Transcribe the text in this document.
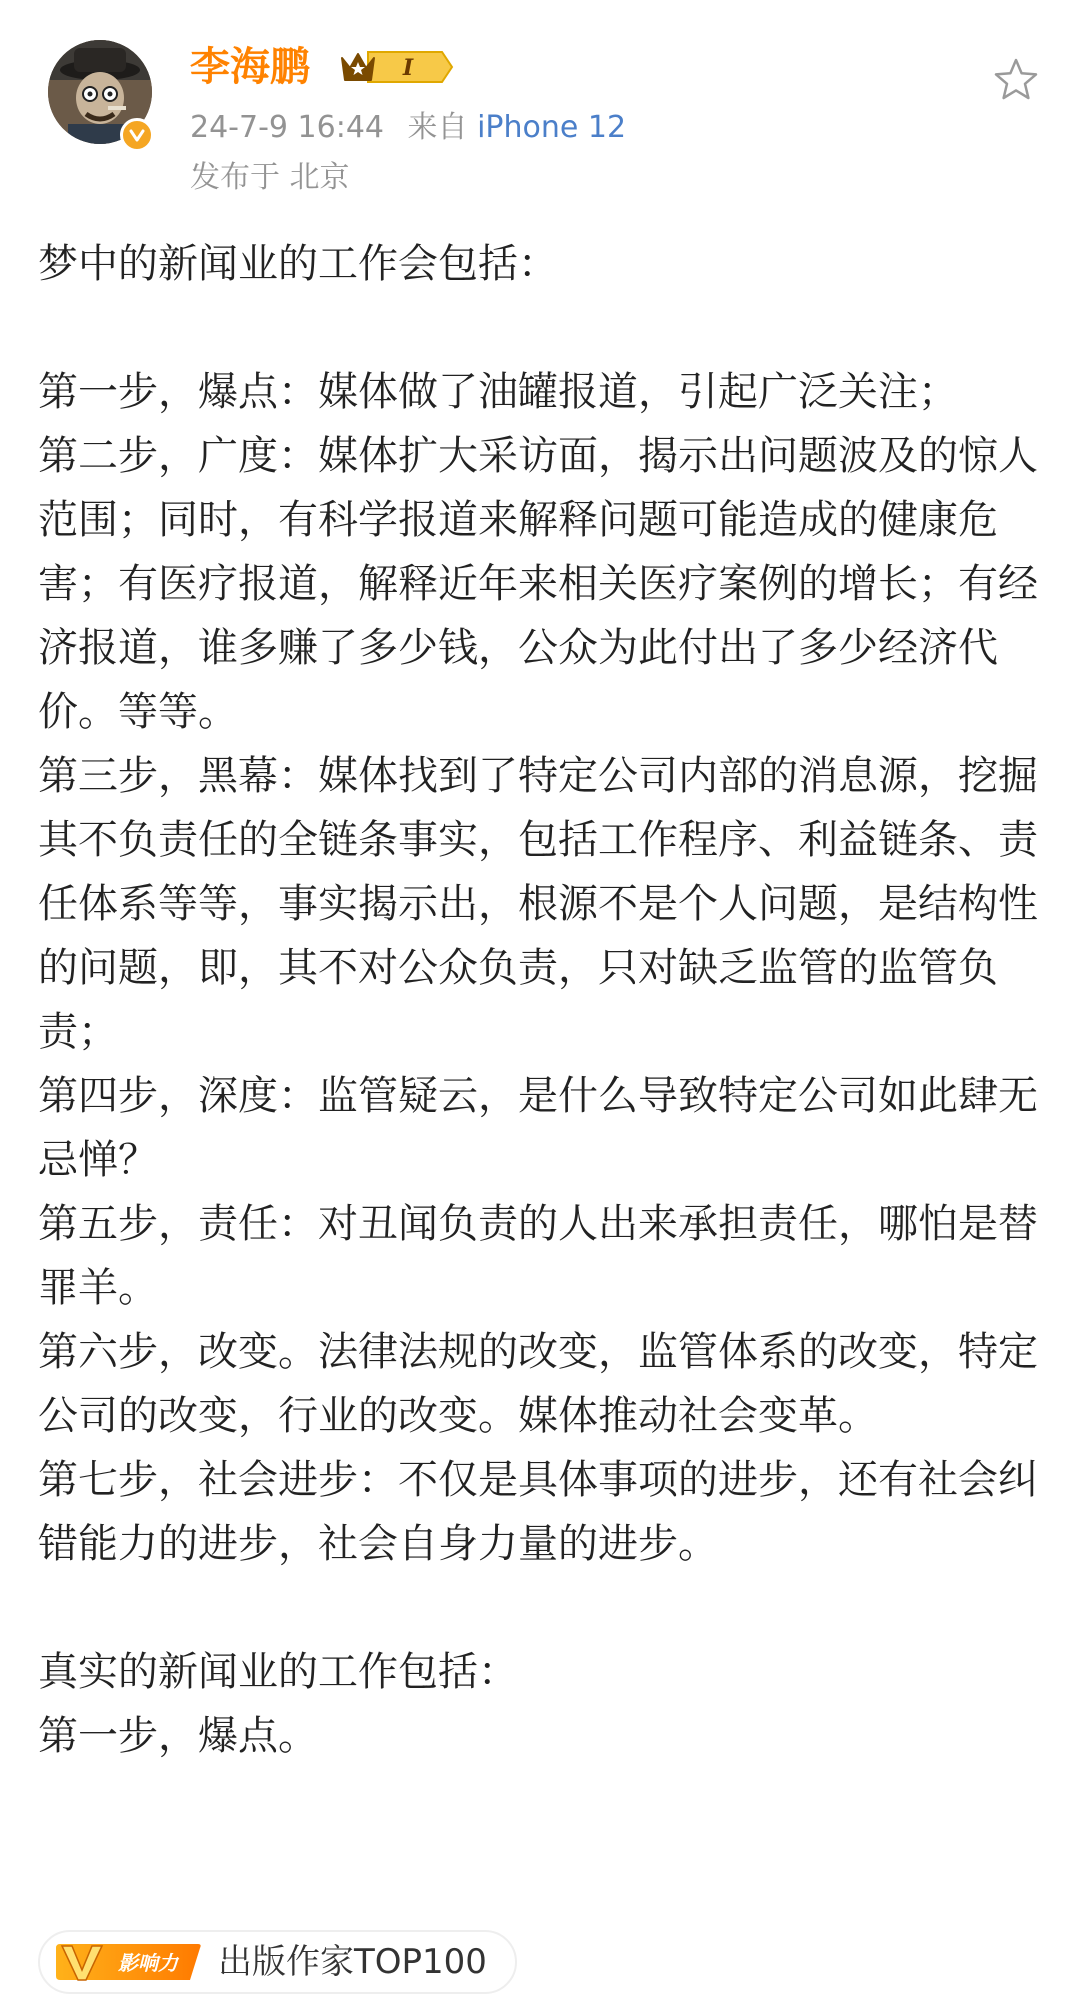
李海鹏	I
24-7-9 16:44 来自 iPhone 12
发布于 北京

梦中的新闻业的工作会包括：

第一步，爆点：媒体做了油罐报道，引起广泛关注；

第二步，广度：媒体扩大采访面，揭示出问题波及的惊人范围；同时，有科学报道来解释问题可能造成的健康危害；有医疗报道，解释近年来相关医疗案例的增长；有经济报道，谁多赚了多少钱，公众为此付出了多少经济代价。等等。

第三步，黑幕：媒体找到了特定公司内部的消息源，挖掘其不负责任的全链条事实，包括工作程序、利益链条、责任体系等等，事实揭示出，根源不是个人问题，是结构性的问题，即，其不对公众负责，只对缺乏监管的监管负责；

第四步，深度：监管疑云，是什么导致特定公司如此肆无忌惮？

第五步，责任：对丑闻负责的人出来承担责任，哪怕是替罪羊。

第六步，改变。法律法规的改变，监管体系的改变，特定公司的改变，行业的改变。媒体推动社会变革。

第七步，社会进步：不仅是具体事项的进步，还有社会纠错能力的进步，社会自身力量的进步。

真实的新闻业的工作包括：

第一步，爆点。

影响力 出版作家TOP100
